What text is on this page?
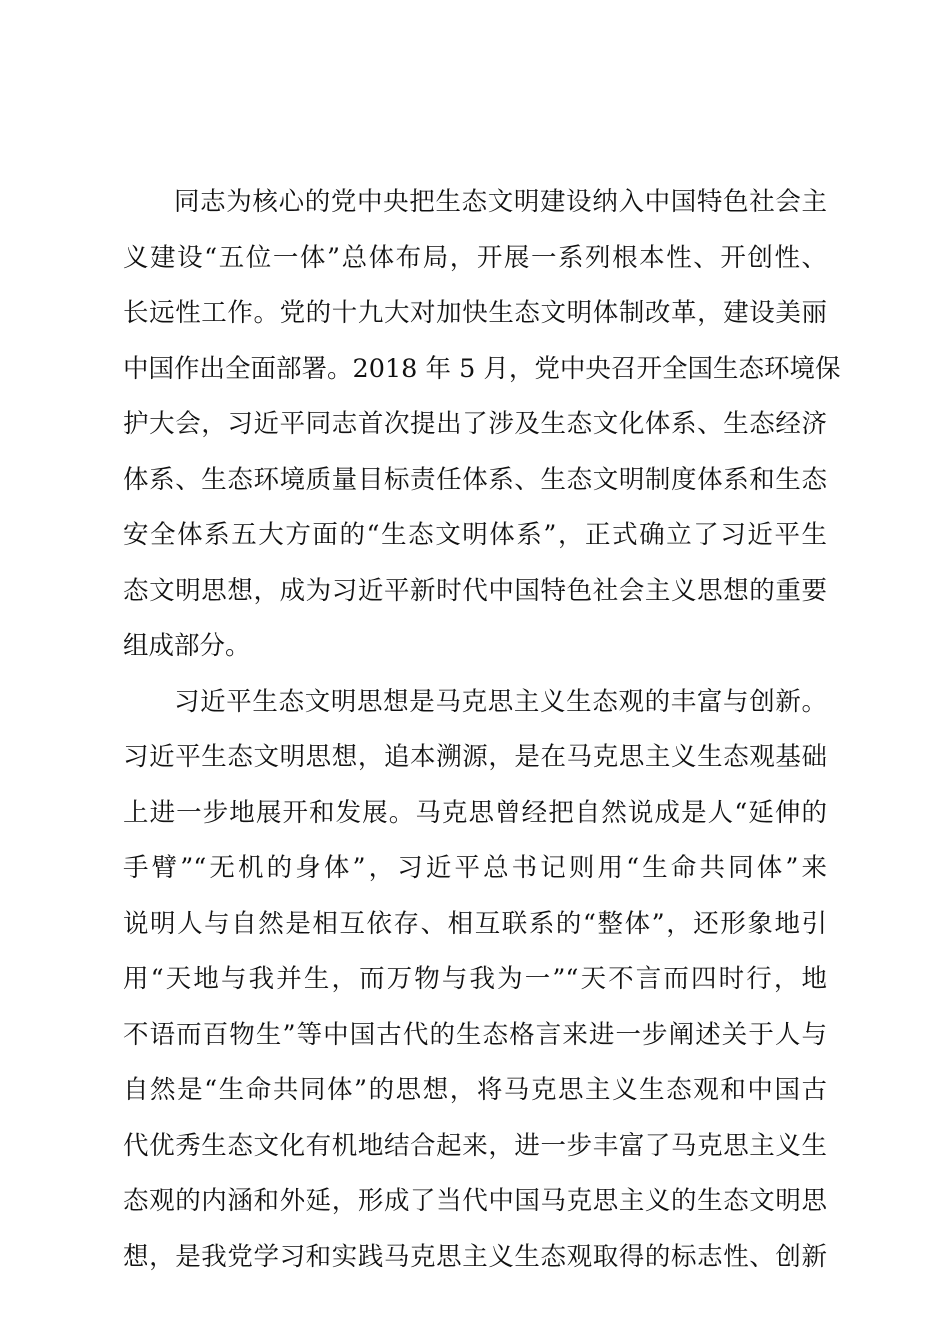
同志为核心的党中央把生态文明建设纳入中国特色社会主
义建设“五位一体”总体布局，开展一系列根本性、开创性、
长远性工作。党的十九大对加快生态文明体制改革，建设美丽
中国作出全面部署。2018 年 5 月，党中央召开全国生态环境保
护大会，习近平同志首次提出了涉及生态文化体系、生态经济
体系、生态环境质量目标责任体系、生态文明制度体系和生态
安全体系五大方面的“生态文明体系”，正式确立了习近平生
态文明思想，成为习近平新时代中国特色社会主义思想的重要
组成部分。
习近平生态文明思想是马克思主义生态观的丰富与创新。
习近平生态文明思想，追本溯源，是在马克思主义生态观基础
上进一步地展开和发展。马克思曾经把自然说成是人“延伸的
手臂”“无机的身体”，习近平总书记则用“生命共同体”来
说明人与自然是相互依存、相互联系的“整体”，还形象地引
用“天地与我并生，而万物与我为一”“天不言而四时行，地
不语而百物生”等中国古代的生态格言来进一步阐述关于人与
自然是“生命共同体”的思想，将马克思主义生态观和中国古
代优秀生态文化有机地结合起来，进一步丰富了马克思主义生
态观的内涵和外延，形成了当代中国马克思主义的生态文明思
想，是我党学习和实践马克思主义生态观取得的标志性、创新
